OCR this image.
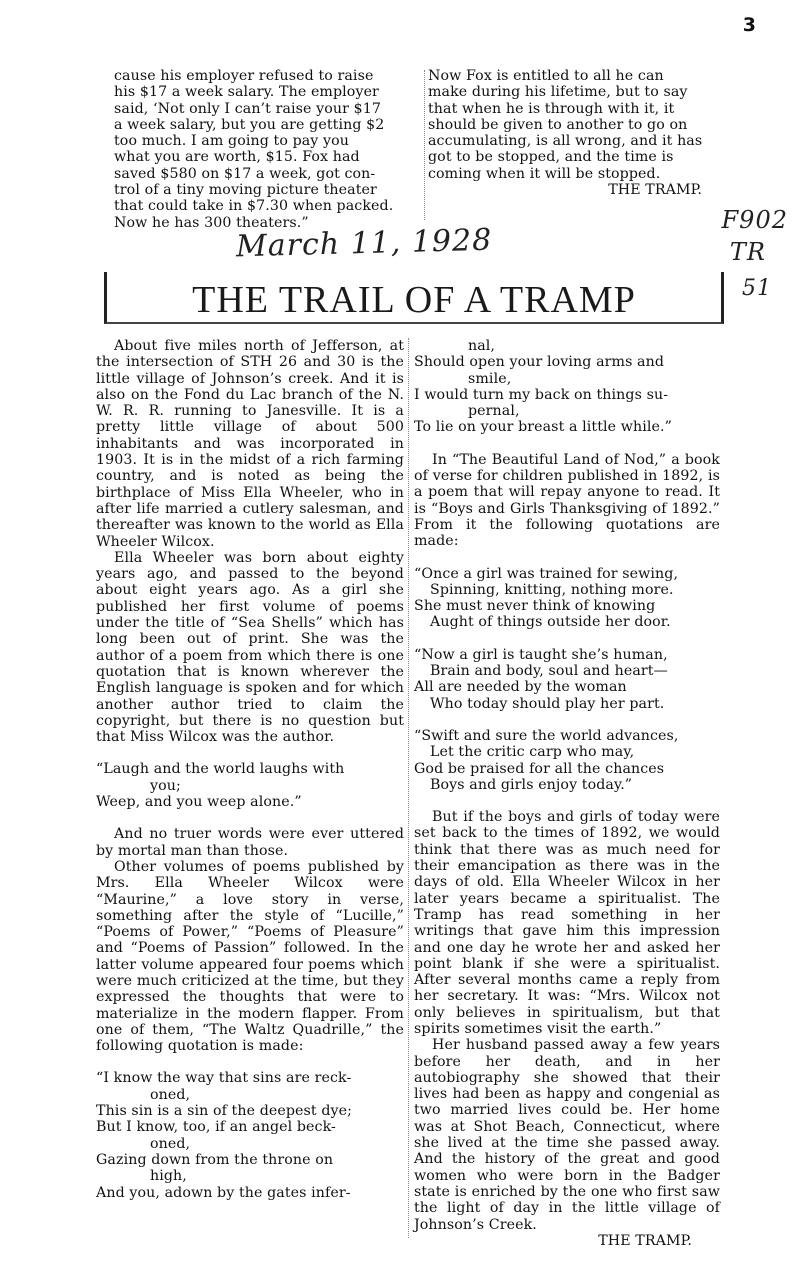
3
cause his employer refused to raise
his $17 a week salary. The employer
said, ‘Not only I can’t raise your $17
a week salary, but you are getting $2
too much. I am going to pay you
what you are worth, $15. Fox had
saved $580 on $17 a week, got con-
trol of a tiny moving picture theater
that could take in $7.30 when packed.
Now he has 300 theaters.”
Now Fox is entitled to all he can
make during his lifetime, but to say
that when he is through with it, it
should be given to another to go on
accumulating, is all wrong, and it has
got to be stopped, and the time is
coming when it will be stopped.
THE TRAMP.
March 11, 1928
F902
TR
51
THE TRAIL OF A TRAMP

About five miles north of Jefferson, at the intersection of STH 26 and 30 is the little village of Johnson’s creek. And it is also on the Fond du Lac branch of the N. W. R. R. running to Janesville. It is a pretty little village of about 500 inhabitants and was incorporated in 1903. It is in the midst of a rich farming country, and is noted as being the birthplace of Miss Ella Wheeler, who in after life married a cutlery salesman, and thereafter was known to the world as Ella Wheeler Wilcox.

Ella Wheeler was born about eighty years ago, and passed to the beyond about eight years ago. As a girl she published her first volume of poems under the title of “Sea Shells” which has long been out of print. She was the author of a poem from which there is one quotation that is known wherever the English language is spoken and for which another author tried to claim the copyright, but there is no question but that Miss Wilcox was the author.

“Laugh and the world laughs with
you;
Weep, and you weep alone.”

And no truer words were ever uttered by mortal man than those.

Other volumes of poems published by Mrs. Ella Wheeler Wilcox were “Maurine,” a love story in verse, something after the style of “Lucille,” “Poems of Power,” “Poems of Pleasure” and “Poems of Passion” followed. In the latter volume appeared four poems which were much criticized at the time, but they expressed the thoughts that were to materialize in the modern flapper. From one of them, “The Waltz Quadrille,” the following quotation is made:

“I know the way that sins are reck-
oned,
This sin is a sin of the deepest dye;
But I know, too, if an angel beck-
oned,
Gazing down from the throne on
high,
And you, adown by the gates infer-
nal,
Should open your loving arms and
smile,
I would turn my back on things su-
pernal,
To lie on your breast a little while.”

In “The Beautiful Land of Nod,” a book of verse for children published in 1892, is a poem that will repay anyone to read. It is “Boys and Girls Thanksgiving of 1892.” From it the following quotations are made:

“Once a girl was trained for sewing,
Spinning, knitting, nothing more.
She must never think of knowing
Aught of things outside her door.
“Now a girl is taught she’s human,
Brain and body, soul and heart—
All are needed by the woman
Who today should play her part.
“Swift and sure the world advances,
Let the critic carp who may,
God be praised for all the chances
Boys and girls enjoy today.”

But if the boys and girls of today were set back to the times of 1892, we would think that there was as much need for their emancipation as there was in the days of old. Ella Wheeler Wilcox in her later years became a spiritualist. The Tramp has read something in her writings that gave him this impression and one day he wrote her and asked her point blank if she were a spiritualist. After several months came a reply from her secretary. It was: “Mrs. Wilcox not only believes in spiritualism, but that spirits sometimes visit the earth.”

Her husband passed away a few years before her death, and in her autobiography she showed that their lives had been as happy and congenial as two married lives could be. Her home was at Shot Beach, Connecticut, where she lived at the time she passed away. And the history of the great and good women who were born in the Badger state is enriched by the one who first saw the light of day in the little village of Johnson’s Creek.

THE TRAMP.
